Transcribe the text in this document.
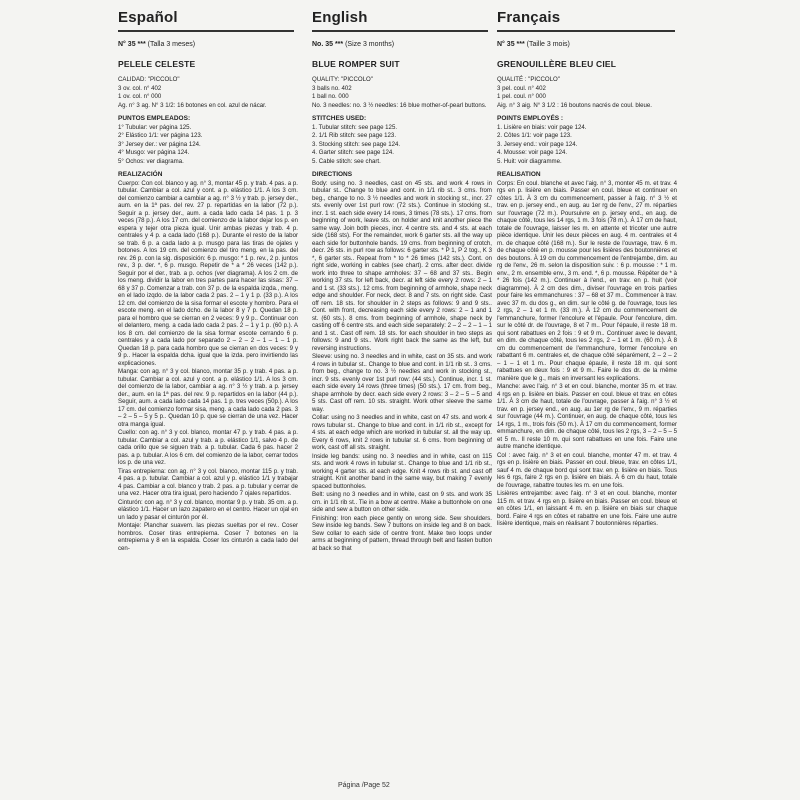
Español
N° 35 *** (Talla 3 meses)
PELELE CELESTE

CALIDAD: "PICCOLO"

3 ov. col. n° 402

1 ov. col. n° 000

Ag. n° 3 ag. N° 3 1/2: 16 botones en col. azul de nácar.

PUNTOS EMPLEADOS:

1° Tubular: ver página 125.

2° Elástico 1/1: ver página 123.

3° Jersey der.: ver página 124.

4° Musgo: ver página 124.

5° Ochos: ver diagrama.

REALIZACIÓN

Cuerpo: Con col. blanco y ag. n° 3, montar 45 p. y trab. 4 pas. a p. tubular. Cambiar a col. azul y cont. a p. elástico 1/1. A los 3 cm. del comienzo cambiar a cambiar a ag. n° 3 ½ y trab. p. jersey der., aum. en la 1ª pas. del rev. 27 p. repartidas en la labor (72 p.). Seguir a p. jersey der., aum. a cada lado cada 14 pas. 1 p. 3 veces (78 p.). A los 17 cm. del comienzo de la labor dejar los p. en espera y tejer otra pieza igual. Unir ambas piezas y trab. 4 p. centrales y 4 p. a cada lado (168 p.). Durante el resto de la labor se trab. 6 p. a cada lado a p. musgo para las tiras de ojales y botones. A los 19 cm. del comienzo del tiro meng. en la pas. del rev. 26 p. con la sig. disposición: 6 p. musgo: * 1 p. rev., 2 p. juntos rev., 3 p. der. *, 6 p. musgo. Repetir de * a * 26 veces (142 p.). Seguir por el der., trab. a p. ochos (ver diagrama). A los 2 cm. de los meng. dividir la labor en tres partes para hacer las sisas: 37 – 68 y 37 p. Comenzar a trab. con 37 p. de la espalda izqda., meng. en el lado izqdo. de la labor cada 2 pas. 2 – 1 y 1 p. (33 p.). A los 12 cm. del comienzo de la sisa formar el escote y hombro. Para el escote meng. en el lado dcho. de la labor 8 y 7 p. Quedan 18 p. para el hombro que se cierran en 2 veces: 9 y 9 p.. Continuar con el delantero, meng. a cada lado cada 2 pas. 2 – 1 y 1 p. (60 p.). A los 8 cm. del comienzo de la sisa formar escote cerrando 6 p. centrales y a cada lado por separado 2 – 2 – 2 – 1 – 1 – 1 p. Quedan 18 p. para cada hombro que se cierran en dos veces: 9 y 9 p.. Hacer la espalda dcha. igual que la izda. pero invirtiendo las explicaciones.

Manga: con ag. n° 3 y col. blanco, montar 35 p. y trab. 4 pas. a p. tubular. Cambiar a col. azul y cont. a p. elástico 1/1. A los 3 cm. del comienzo de la labor, cambiar a ag. n° 3 ½ y trab. a p. jersey der., aum. en la 1ª pas. del rev. 9 p. repartidos en la labor (44 p.). Seguir, aum. a cada lado cada 14 pas. 1 p. tres veces (50p.). A los 17 cm. del comienzo formar sisa, meng. a cada lado cada 2 pas. 3 – 2 – 5 – 5 y 5 p.. Quedan 10 p. que se cierran de una vez. Hacer otra manga igual.

Cuello: con ag. n° 3 y col. blanco, montar 47 p. y trab. 4 pas. a p. tubular. Cambiar a col. azul y trab. a p. elástico 1/1, salvo 4 p. de cada orillo que se siguen trab. a p. tubular. Cada 6 pas. hacer 2 pas. a p. tubular. A los 6 cm. del comienzo de la labor, cerrar todos los p. de una vez.

Tiras entrepierna: con ag. n° 3 y col. blanco, montar 115 p. y trab. 4 pas. a p. tubular. Cambiar a col. azul y p. elástico 1/1 y trabajar 4 pas. Cambiar a col. blanco y trab. 2 pas. a p. tubular y cerrar de una vez. Hacer otra tira igual, pero haciendo 7 ojales repartidos.

Cinturón: con ag. n° 3 y col. blanco, montar 9 p. y trab. 35 cm. a p. elástico 1/1. Hacer un lazo zapatero en el centro. Hacer un ojal en un lado y pasar el cinturón por él.

Montaje: Planchar suavem. las piezas sueltas por el rev.. Coser hombros. Coser tiras entrepierna. Coser 7 botones en la entrepierna y 8 en la espalda. Coser los cinturón a cada lado del cen-

English
No. 35 *** (Size 3 months)
BLUE ROMPER SUIT

QUALITY: "PICCOLO"

3 balls no. 402

1 ball no. 000

No. 3 needles: no. 3 ½ needles: 16 blue mother-of-pearl buttons.

STITCHES USED:

1. Tubular stitch: see page 125.

2. 1/1 Rib stitch: see page 123.

3. Stocking stitch: see page 124.

4. Garter stitch: see page 124.

5. Cable stitch: see chart.

DIRECTIONS

Body: using no. 3 needles, cast on 45 sts. and work 4 rows in tubular st.. Change to blue and cont. in 1/1 rib st.. 3 cms. from beg., change to no. 3 ½ needles and work in stocking st., incr. 27 sts. evenly over 1st purl row: (72 sts.). Continue in stocking st., incr. 1 st. each side every 14 rows, 3 times (78 sts.). 17 cms. from beginning of work, leave sts. on holder and knit another piece the same way. Join both pieces, incr. 4 centre sts. and 4 sts. at each side (168 sts). For the remainder, work 6 garter sts. all the way up each side for buttonhole bands. 19 cms. from beginning of crotch, decr. 26 sts. in purl row as follows: 6 garter sts. * P 1, P 2 tog., K 3 *, 6 garter sts.. Repeat from * to * 26 times (142 sts.). Cont. on right side, working in cables (see chart). 2 cms. after decr. divide work into three to shape armholes: 37 – 68 and 37 sts.. Begin working 37 sts. for left back, decr. at left side every 2 rows: 2 – 1 and 1 st. (33 sts.). 12 cms. from beginning of armhole, shape neck edge and shoulder. For neck, decr. 8 and 7 sts. on right side. Cast off rem. 18 sts. for shoulder in 2 steps as follows: 9 and 9 sts.. Cont. with front, decreasing each side every 2 rows: 2 – 1 and 1 st. (60 sts.). 8 cms. from beginning of armhole, shape neck by casting off 6 centre sts. and each side separately: 2 – 2 – 2 – 1 – 1 and 1 st.. Cast off rem. 18 sts. for each shoulder in two steps as follows: 9 and 9 sts.. Work right back the same as the left, but reversing instructions.

Sleeve: using no. 3 needles and in white, cast on 35 sts. and work 4 rows in tubular st.. Change to blue and cont. in 1/1 rib st.. 3 cms. from beg., change to no. 3 ½ needles and work in stocking st., incr. 9 sts. evenly over 1st purl row: (44 sts.). Continue, incr. 1 st. each side every 14 rows (three times) (50 sts.). 17 cm. from beg., shape armhole by decr. each side every 2 rows: 3 – 2 – 5 – 5 and 5 sts. Cast off rem. 10 sts. straight. Work other sleeve the same way.

Collar: using no 3 needles and in white, cast on 47 sts. and work 4 rows tubular st.. Change to blue and cont. in 1/1 rib st., except for 4 sts. at each edge which are worked in tubular st. all the way up. Every 6 rows, knit 2 rows in tubular st. 6 cms. from beginning of work, cast off all sts. straight.

Inside leg bands: using no. 3 needles and in white, cast on 115 sts. and work 4 rows in tubular st.. Change to blue and 1/1 rib st., working 4 garter sts. at each edge. Knit 4 rows rib st. and cast off straight. Knit another band in the same way, but making 7 evenly spaced buttonholes.

Belt: using no 3 needles and in white, cast on 9 sts. and work 35 cm. in 1/1 rib st.. Tie in a bow at centre. Make a buttonhole on one side and sew a button on other side.

Finishing: Iron each piece gently on wrong side. Sew shoulders. Sew inside leg bands. Sew 7 buttons on inside leg and 8 on back. Sew collar to each side of centre front. Make two loops under arms at beginning of pattern, thread through belt and fasten button at back so that

Français
N° 35 *** (Taille 3 mois)
GRENOUILLÈRE BLEU CIEL

QUALITÉ : "PICCOLO"

3 pel. coul. n° 402

1 pel. coul. n° 000

Aig. n° 3 aig. N° 3 1/2 : 16 boutons nacrés de coul. bleue.

POINTS EMPLOYÉS :

1. Lisière en biais: voir page 124.

2. Côtes 1/1: voir page 123.

3. Jersey end.: voir page 124.

4. Mousse: voir page 124.

5. Huit: voir diagramme.

REALISATION

Corps: En coul. blanche et avec l'aig. n° 3, monter 45 m. et trav. 4 rgs en p. lisière en biais. Passer en coul. bleue et continuer en côtes 1/1. À 3 cm du commencement, passer à l'aig. n° 3 ½ et trav. en p. jersey end., en aug. au 1er rg de l'env., 27 m. réparties sur l'ouvrage (72 m.). Poursuivre en p. jersey end., en aug. de chaque côté, tous les 14 rgs, 1 m. 3 fois (78 m.). À 17 cm de haut, totale de l'ouvrage, laisser les m. en attente et tricoter une autre pièce identique. Unir les deux pièces en aug. 4 m. centrales et 4 m. de chaque côté (168 m.). Sur le reste de l'ouvrage, trav. 6 m. de chaque côté en p. mousse pour les lisières des boutonnières et des boutons. À 19 cm du commencement de l'entrejambe, dim. au rg de l'env., 26 m. selon la disposition suiv. : 6 p. mousse : * 1 m. env., 2 m. ensemble env., 3 m. end. *, 6 p. mousse. Répéter de * à * 26 fois (142 m.). Continuer à l'end., en trav. en p. huit (voir diagramme). À 2 cm des dim., diviser l'ouvrage en trois parties pour faire les emmanchures : 37 – 68 et 37 m.. Commencer à trav. avec 37 m. du dos g., en dim. sur le côté g. de l'ouvrage, tous les 2 rgs, 2 – 1 et 1 m. (33 m.). À 12 cm du commencement de l'emmanchure, former l'encolure et l'épaule. Pour l'encolure, dim. sur le côté dr. de l'ouvrage, 8 et 7 m.. Pour l'épaule, il reste 18 m. qui sont rabattues en 2 fois : 9 et 9 m.. Continuer avec le devant, en dim. de chaque côté, tous les 2 rgs, 2 – 1 et 1 m. (60 m.). À 8 cm du commencement de l'emmanchure, former l'encolure en rabattant 6 m. centrales et, de chaque côté séparément, 2 – 2 – 2 – 1 – 1 et 1 m.. Pour chaque épaule, il reste 18 m. qui sont rabattues en deux fois : 9 et 9 m.. Faire le dos dr. de la même manière que le g., mais en inversant les explications.

Manche: avec l'aig. n° 3 et en coul. blanche, monter 35 m. et trav. 4 rgs en p. lisière en biais. Passer en coul. bleue et trav. en côtes 1/1. À 3 cm de haut, totale de l'ouvrage, passer à l'aig. n° 3 ½ et trav. en p. jersey end., en aug. au 1er rg de l'env., 9 m. réparties sur l'ouvrage (44 m.). Continuer, en aug. de chaque côté, tous les 14 rgs, 1 m., trois fois (50 m.). À 17 cm du commencement, former emmanchure, en dim. de chaque côté, tous les 2 rgs, 3 – 2 – 5 – 5 et 5 m.. Il reste 10 m. qui sont rabattues en une fois. Faire une autre manche identique.

Col : avec l'aig. n° 3 et en coul. blanche, monter 47 m. et trav. 4 rgs en p. lisière en biais. Passer en coul. bleue, trav. en côtes 1/1, sauf 4 m. de chaque bord qui sont trav. en p. lisière en biais. Tous les 6 rgs, faire 2 rgs en p. lisière en biais. À 6 cm du haut, totale de l'ouvrage, rabattre toutes les m. en une fois.

Lisières entrejambe: avec l'aig. n° 3 et en coul. blanche, monter 115 m. et trav. 4 rgs en p. lisière en biais. Passer en coul. bleue et en côtes 1/1, en laissant 4 m. en p. lisière en biais sur chaque bord. Faire 4 rgs en côtes et rabattre en une fois. Faire une autre lisière identique, mais en réalisant 7 boutonnières réparties.

Página /Page 52
